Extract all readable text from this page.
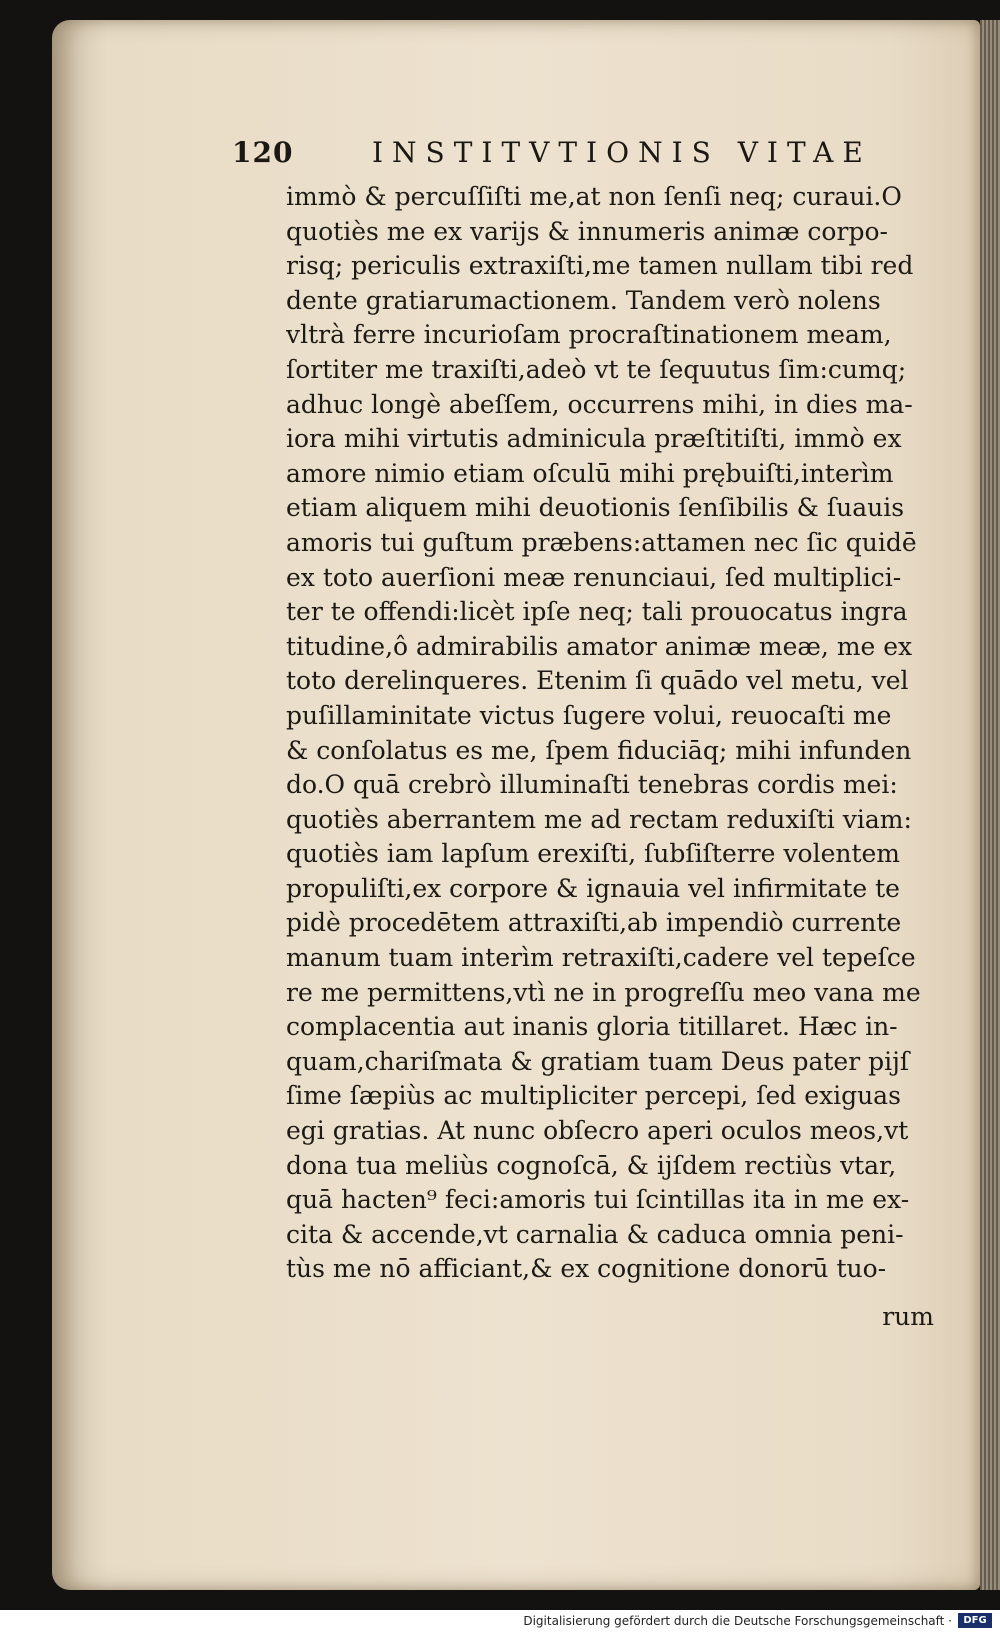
120	INSTITVTIONIS VITAE
immò & percuſſiſti me,at non ſenſi neq; curaui.O
quotiès me ex varijs & innumeris animæ corpo-
risq; periculis extraxiſti,me tamen nullam tibi red
dente gratiarumaᴄtionem. Tandem verò nolens
vltrà ferre incurioſam procraſtinationem meam,
ſortiter me traxiſti,adeò vt te ſequutus ſim:cumq;
adhuc longè abeſſem, occurrens mihi, in dies ma-
iora mihi virtutis adminicula præſtitiſti, immò ex
amore nimio etiam oſculū mihi prębuiſti,interìm
etiam aliquem mihi deuotionis ſenſibilis & ſuauis
amoris tui guſtum præbens:attamen nec ſic quidē
ex toto auerſioni meæ renunciaui, ſed multiplici-
ter te offendi:licèt ipſe neq; tali prouocatus ingra
titudine,ô admirabilis amator animæ meæ, me ex
toto derelinqueres. Etenim ſi quādo vel metu, vel
puſillaminitate victus ſugere volui, reuocaſti me
& conſolatus es me, ſpem fiduciāq; mihi infunden
do.O quā crebrò illuminaſti tenebras cordis mei:
quotiès aberrantem me ad rectam reduxiſti viam:
quotiès iam lapſum erexiſti, ſubſiſterre volentem
propuliſti,ex corpore & ignauia vel infirmitate te
pidè procedētem attraxiſti,ab impendiò currente
manum tuam interìm retraxiſti,cadere vel tepeſce
re me permittens,vtì ne in progreſſu meo vana me
complacentia aut inanis gloria titillaret. Hæc in-
quam,chariſmata & gratiam tuam Deus pater pijſ
ſime ſæpiùs ac multipliciter percepi, ſed exiguas
egi gratias. At nunc obſecro aperi oculos meos,vt
dona tua meliùs cognoſcā, & ijſdem rectiùs vtar,
quā hacten⁹ feci:amoris tui ſcintillas ita in me ex-
cita & accende,vt carnalia & caduca omnia peni-
tùs me nō afficiant,& ex cognitione donorū tuo-
rum
Digitalisierung gefördert durch die Deutsche Forschungsgemeinschaft ·	DFG
